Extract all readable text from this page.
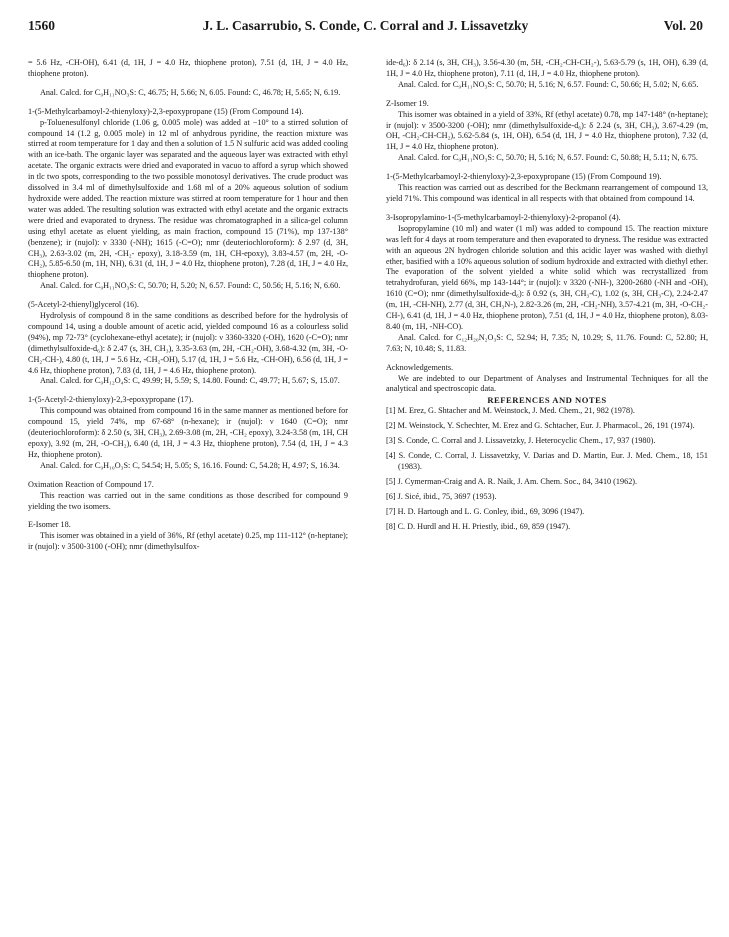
1560	J. L. Casarrubio, S. Conde, C. Corral and J. Lissavetzky	Vol. 20

= 5.6 Hz, -CH-OH), 6.41 (d, 1H, J = 4.0 Hz, thiophene proton), 7.51 (d, 1H, J = 4.0 Hz, thiophene proton).

Anal. Calcd. for C₉H₁₁NO₃S: C, 46.75; H, 5.66; N, 6.05. Found: C, 46.78; H, 5.65; N, 6.19.

1-(5-Methylcarbamoyl-2-thienyloxy)-2,3-epoxypropane (15) (From Compound 14).

p-Toluenesulfonyl chloride (1.06 g, 0.005 mole) was added at −10° to a stirred solution of compound 14 (1.2 g, 0.005 mole) in 12 ml of anhydrous pyridine, the reaction mixture was stirred at room temperature for 1 day and then a solution of 1.5 N sulfuric acid was added cooling with an ice-bath. The organic layer was separated and the aqueous layer was extracted with ethyl acetate. The organic extracts were dried and evaporated in vacuo to afford a syrup which showed in tlc two spots, corresponding to the two possible monotosyl derivatives. The crude product was dissolved in 3.4 ml of dimethylsulfoxide and 1.68 ml of a 20% aqueous solution of sodium hydroxide were added. The reaction mixture was stirred at room temperature for 1 hour and then water was added. The resulting solution was extracted with ethyl acetate and the organic extracts were dried and evaporated to dryness. The residue was chromatographed in a silica-gel column using ethyl acetate as eluent yielding, as main fraction, compound 15 (71%), mp 137-138° (benzene); ir (nujol): ν 3330 (-NH); 1615 (-C=O); nmr (deuteriochloroform): δ 2.97 (d, 3H, CH₃), 2.63-3.02 (m, 2H, -CH₂- epoxy), 3.18-3.59 (m, 1H, CH-epoxy), 3.83-4.57 (m, 2H, -O-CH₂), 5.85-6.50 (m, 1H, NH), 6.31 (d, 1H, J = 4.0 Hz, thiophene proton), 7.28 (d, 1H, J = 4.0 Hz, thiophene proton).

Anal. Calcd. for C₉H₁₁NO₃S: C, 50.70; H, 5.20; N, 6.57. Found: C, 50.56; H, 5.16; N, 6.60.

(5-Acetyl-2-thienyl)glycerol (16).

Hydrolysis of compound 8 in the same conditions as described before for the hydrolysis of compound 14, using a double amount of acetic acid, yielded compound 16 as a colourless solid (94%), mp 72-73° (cyclohexane-ethyl acetate); ir (nujol): ν 3360-3320 (-OH), 1620 (-C=O); nmr (dimethylsulfoxide-d₆): δ 2.47 (s, 3H, CH₃), 3.35-3.63 (m, 2H, -CH₂-OH), 3.68-4.32 (m, 3H, -O-CH₂-CH-), 4.80 (t, 1H, J = 5.6 Hz, -CH₂-OH), 5.17 (d, 1H, J = 5.6 Hz, -CH-OH), 6.56 (d, 1H, J = 4.6 Hz, thiophene proton), 7.83 (d, 1H, J = 4.6 Hz, thiophene proton).

Anal. Calcd. for C₉H₁₂O₄S: C, 49.99; H, 5.59; S, 14.80. Found: C, 49.77; H, 5.67; S, 15.07.

1-(5-Acetyl-2-thienyloxy)-2,3-epoxypropane (17).

This compound was obtained from compound 16 in the same manner as mentioned before for compound 15, yield 74%, mp 67-68° (n-hexane); ir (nujol): ν 1640 (C=O); nmr (deuteriochloroform): δ 2.50 (s, 3H, CH₃), 2.69-3.08 (m, 2H, -CH₂ epoxy), 3.24-3.58 (m, 1H, CH epoxy), 3.92 (m, 2H, -O-CH₂), 6.40 (d, 1H, J = 4.3 Hz, thiophene proton), 7.54 (d, 1H, J = 4.3 Hz, thiophene proton).

Anal. Calcd. for C₉H₁₀O₃S: C, 54.54; H, 5.05; S, 16.16. Found: C, 54.28; H, 4.97; S, 16.34.

Oximation Reaction of Compound 17.

This reaction was carried out in the same conditions as those described for compound 9 yielding the two isomers.

E-Isomer 18.

This isomer was obtained in a yield of 36%, Rf (ethyl acetate) 0.25, mp 111-112° (n-heptane); ir (nujol): ν 3500-3100 (-OH); nmr (dimethylsulfox-

ide-d₆): δ 2.14 (s, 3H, CH₃), 3.56-4.30 (m, 5H, -CH₂-CH-CH₂-), 5.63-5.79 (s, 1H, OH), 6.39 (d, 1H, J = 4.0 Hz, thiophene proton), 7.11 (d, 1H, J = 4.0 Hz, thiophene proton).

Anal. Calcd. for C₉H₁₁NO₃S: C, 50.70; H, 5.16; N, 6.57. Found: C, 50.66; H, 5.02; N, 6.65.

Z-Isomer 19.

This isomer was obtained in a yield of 33%, Rf (ethyl acetate) 0.78, mp 147-148° (n-heptane); ir (nujol): ν 3500-3200 (-OH); nmr (dimethylsulfoxide-d₆): δ 2.24 (s, 3H, CH₃), 3.67-4.29 (m, OH, -CH₂-CH-CH₂), 5.62-5.84 (s, 1H, OH), 6.54 (d, 1H, J = 4.0 Hz, thiophene proton), 7.32 (d, 1H, J = 4.0 Hz, thiophene proton).

Anal. Calcd. for C₉H₁₁NO₃S: C, 50.70; H, 5.16; N, 6.57. Found: C, 50.88; H, 5.11; N, 6.75.

1-(5-Methylcarbamoyl-2-thienyloxy)-2,3-epoxypropane (15) (From Compound 19).

This reaction was carried out as described for the Beckmann rearrangement of compound 13, yield 71%. This compound was identical in all respects with that obtained from compound 14.

3-Isopropylamino-1-(5-methylcarbamoyl-2-thienyloxy)-2-propanol (4).

Isopropylamine (10 ml) and water (1 ml) was added to compound 15. The reaction mixture was left for 4 days at room temperature and then evaporated to dryness. The residue was extracted with an aqueous 2N hydrogen chloride solution and this acidic layer was washed with diethyl ether, basified with a 10% aqueous solution of sodium hydroxide and extracted with diethyl ether. The evaporation of the solvent yielded a white solid which was recrystallized from tetrahydrofuran, yield 66%, mp 143-144°; ir (nujol): ν 3320 (-NH-), 3200-2680 (-NH and -OH), 1610 (C=O); nmr (dimethylsulfoxide-d₆): δ 0.92 (s, 3H, CH₃-C), 1.02 (s, 3H, CH₃-C), 2.24-2.47 (m, 1H, -CH-NH), 2.77 (d, 3H, CH₃N-), 2.82-3.26 (m, 2H, -CH₂-NH), 3.57-4.21 (m, 3H, -O-CH₂-CH-), 6.41 (d, 1H, J = 4.0 Hz, thiophene proton), 7.51 (d, 1H, J = 4.0 Hz, thiophene proton), 8.03-8.40 (m, 1H, -NH-CO).

Anal. Calcd. for C₁₂H₂₀N₂O₃S: C, 52.94; H, 7.35; N, 10.29; S, 11.76. Found: C, 52.80; H, 7.63; N, 10.48; S, 11.83.

Acknowledgements.

We are indebted to our Department of Analyses and Instrumental Techniques for all the analytical and spectroscopic data.

REFERENCES AND NOTES

[1] M. Erez, G. Shtacher and M. Weinstock, J. Med. Chem., 21, 982 (1978).

[2] M. Weinstock, Y. Schechter, M. Erez and G. Schtacher, Eur. J. Pharmacol., 26, 191 (1974).

[3] S. Conde, C. Corral and J. Lissavetzky, J. Heterocyclic Chem., 17, 937 (1980).

[4] S. Conde, C. Corral, J. Lissavetzky, V. Darias and D. Martin, Eur. J. Med. Chem., 18, 151 (1983).

[5] J. Cymerman-Craig and A. R. Naik, J. Am. Chem. Soc., 84, 3410 (1962).

[6] J. Sicé, ibid., 75, 3697 (1953).

[7] H. D. Hartough and L. G. Conley, ibid., 69, 3096 (1947).

[8] C. D. Hurdl and H. H. Priestly, ibid., 69, 859 (1947).
